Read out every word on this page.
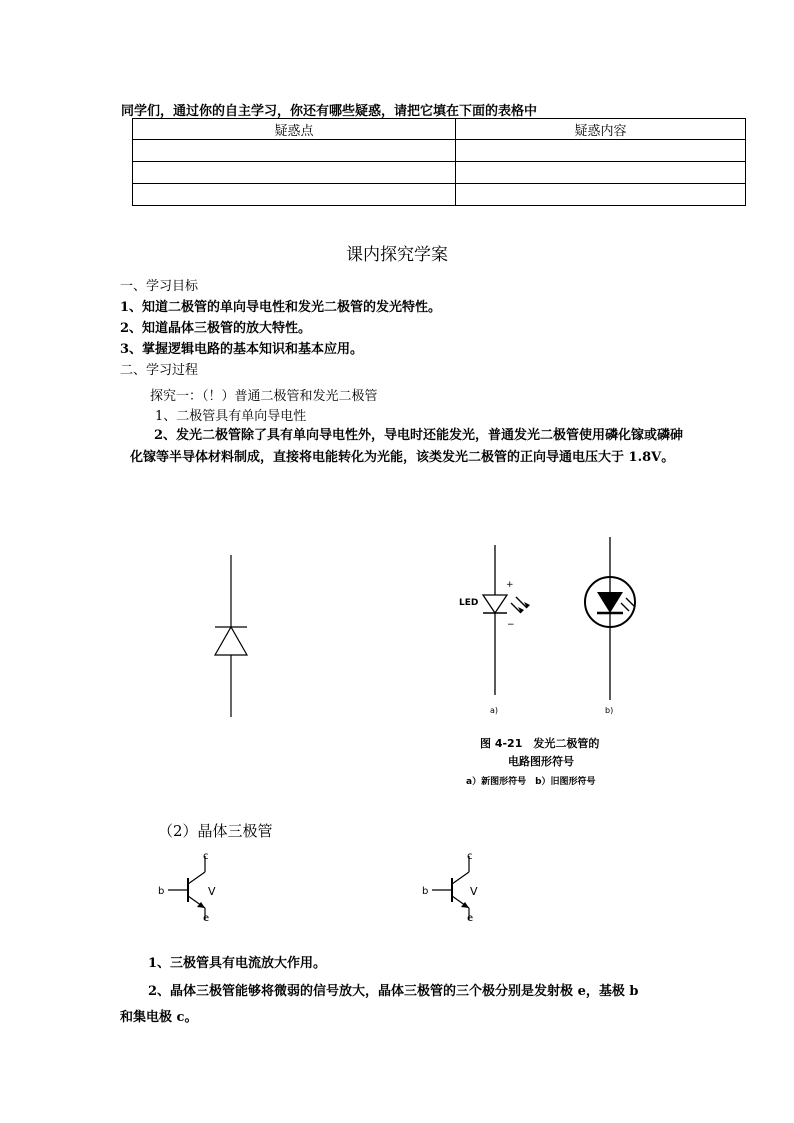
同学们，通过你的自主学习，你还有哪些疑惑，请把它填在下面的表格中
疑惑点	疑惑内容

课内探究学案
一、学习目标
1、知道二极管的单向导电性和发光二极管的发光特性。
2、知道晶体三极管的放大特性。
3、掌握逻辑电路的基本知识和基本应用。
二、学习过程
探究一：（！）普通二极管和发光二极管
1、二极管具有单向导电性
2、发光二极管除了具有单向导电性外，导电时还能发光，普通发光二极管使用磷化镓或磷砷化镓等半导体材料制成，直接将电能转化为光能，该类发光二极管的正向导通电压大于 1.8V。
LED
+
−
a)	b)
图 4-21　发光二极管的
电路图形符号
a）新图形符号　b）旧图形符号
（2）晶体三极管
c
b
e
V
c
b
e
V
1、三极管具有电流放大作用。
2、晶体三极管能够将微弱的信号放大，晶体三极管的三个极分别是发射极 e，基极 b
和集电极 c。
